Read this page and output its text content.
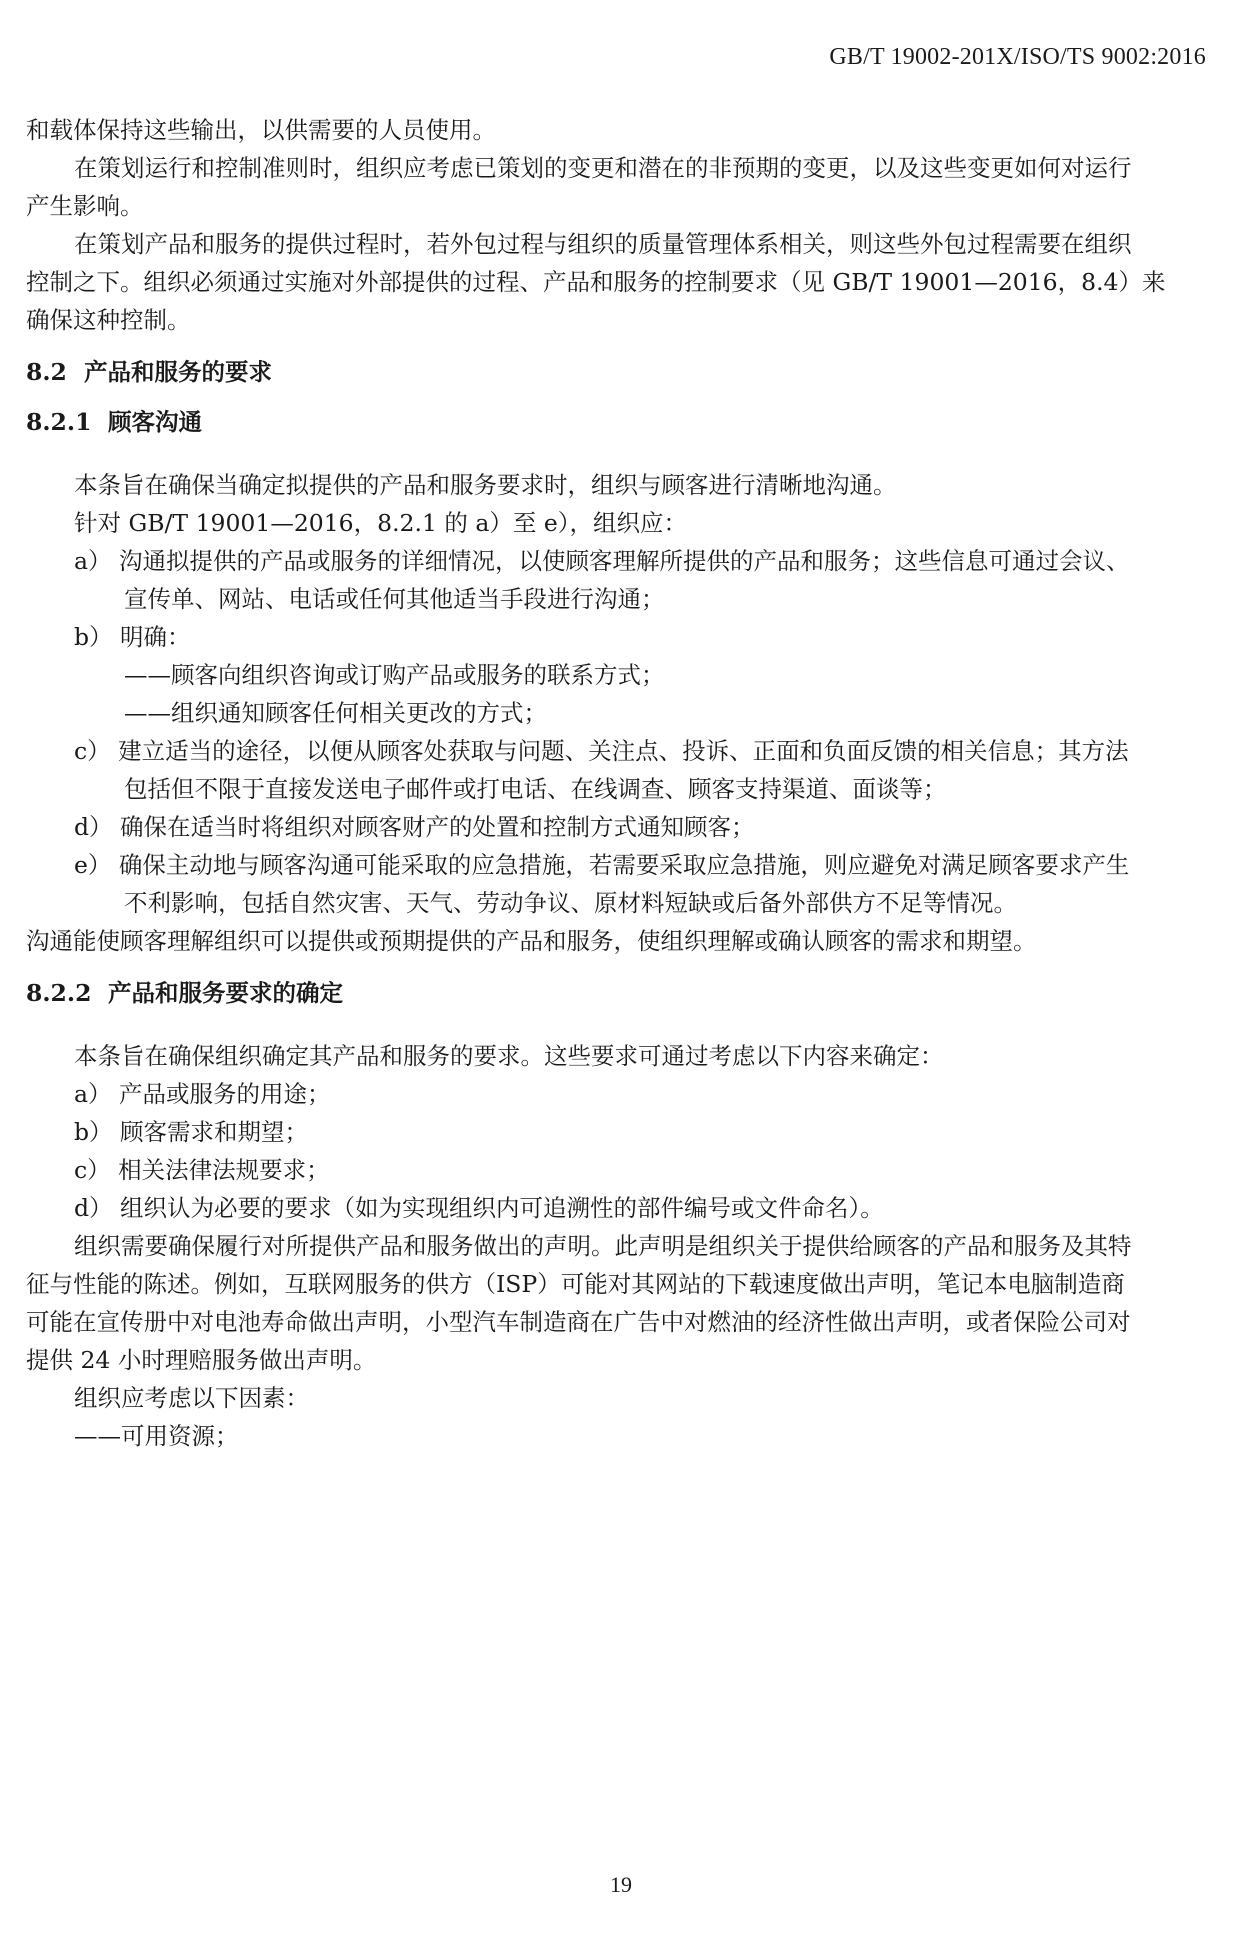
GB/T 19002-201X/ISO/TS 9002:2016
和载体保持这些输出，以供需要的人员使用。
在策划运行和控制准则时，组织应考虑已策划的变更和潜在的非预期的变更，以及这些变更如何对运行
产生影响。
在策划产品和服务的提供过程时，若外包过程与组织的质量管理体系相关，则这些外包过程需要在组织
控制之下。组织必须通过实施对外部提供的过程、产品和服务的控制要求（见 GB/T 19001—2016，8.4）来
确保这种控制。
8.2 产品和服务的要求
8.2.1 顾客沟通
本条旨在确保当确定拟提供的产品和服务要求时，组织与顾客进行清晰地沟通。
针对 GB/T 19001—2016，8.2.1 的 a）至 e），组织应：
a） 沟通拟提供的产品或服务的详细情况，以使顾客理解所提供的产品和服务；这些信息可通过会议、
宣传单、网站、电话或任何其他适当手段进行沟通；
b） 明确：
——顾客向组织咨询或订购产品或服务的联系方式；
——组织通知顾客任何相关更改的方式；
c） 建立适当的途径，以便从顾客处获取与问题、关注点、投诉、正面和负面反馈的相关信息；其方法
包括但不限于直接发送电子邮件或打电话、在线调查、顾客支持渠道、面谈等；
d） 确保在适当时将组织对顾客财产的处置和控制方式通知顾客；
e） 确保主动地与顾客沟通可能采取的应急措施，若需要采取应急措施，则应避免对满足顾客要求产生
不利影响，包括自然灾害、天气、劳动争议、原材料短缺或后备外部供方不足等情况。
沟通能使顾客理解组织可以提供或预期提供的产品和服务，使组织理解或确认顾客的需求和期望。
8.2.2 产品和服务要求的确定
本条旨在确保组织确定其产品和服务的要求。这些要求可通过考虑以下内容来确定：
a） 产品或服务的用途；
b） 顾客需求和期望；
c） 相关法律法规要求；
d） 组织认为必要的要求（如为实现组织内可追溯性的部件编号或文件命名）。
组织需要确保履行对所提供产品和服务做出的声明。此声明是组织关于提供给顾客的产品和服务及其特
征与性能的陈述。例如，互联网服务的供方（ISP）可能对其网站的下载速度做出声明，笔记本电脑制造商
可能在宣传册中对电池寿命做出声明，小型汽车制造商在广告中对燃油的经济性做出声明，或者保险公司对
提供 24 小时理赔服务做出声明。
组织应考虑以下因素：
——可用资源；
19
